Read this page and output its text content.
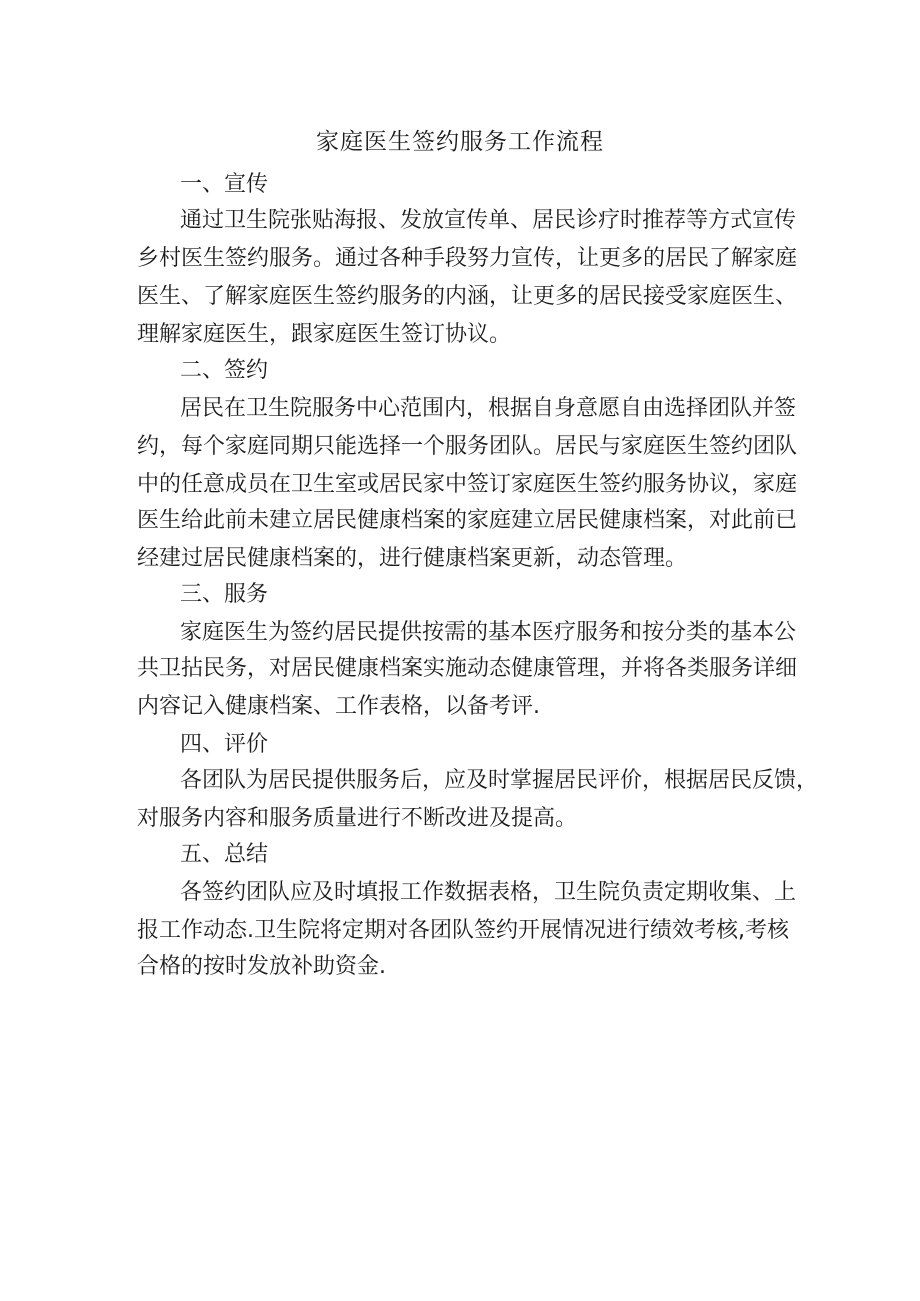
家庭医生签约服务工作流程
一、宣传
通过卫生院张贴海报、发放宣传单、居民诊疗时推荐等方式宣传
乡村医生签约服务。通过各种手段努力宣传，让更多的居民了解家庭
医生、了解家庭医生签约服务的内涵，让更多的居民接受家庭医生、
理解家庭医生，跟家庭医生签订协议。
二、签约
居民在卫生院服务中心范围内，根据自身意愿自由选择团队并签
约，每个家庭同期只能选择一个服务团队。居民与家庭医生签约团队
中的任意成员在卫生室或居民家中签订家庭医生签约服务协议，家庭
医生给此前未建立居民健康档案的家庭建立居民健康档案，对此前已
经建过居民健康档案的，进行健康档案更新，动态管理。
三、服务
家庭医生为签约居民提供按需的基本医疗服务和按分类的基本公
共卫拈民务，对居民健康档案实施动态健康管理，并将各类服务详细
内容记入健康档案、工作表格，以备考评.
四、评价
各团队为居民提供服务后，应及时掌握居民评价，根据居民反馈，
对服务内容和服务质量进行不断改进及提高。
五、总结
各签约团队应及时填报工作数据表格，卫生院负责定期收集、上
报工作动态.卫生院将定期对各团队签约开展情况进行绩效考核,考核
合格的按时发放补助资金.
